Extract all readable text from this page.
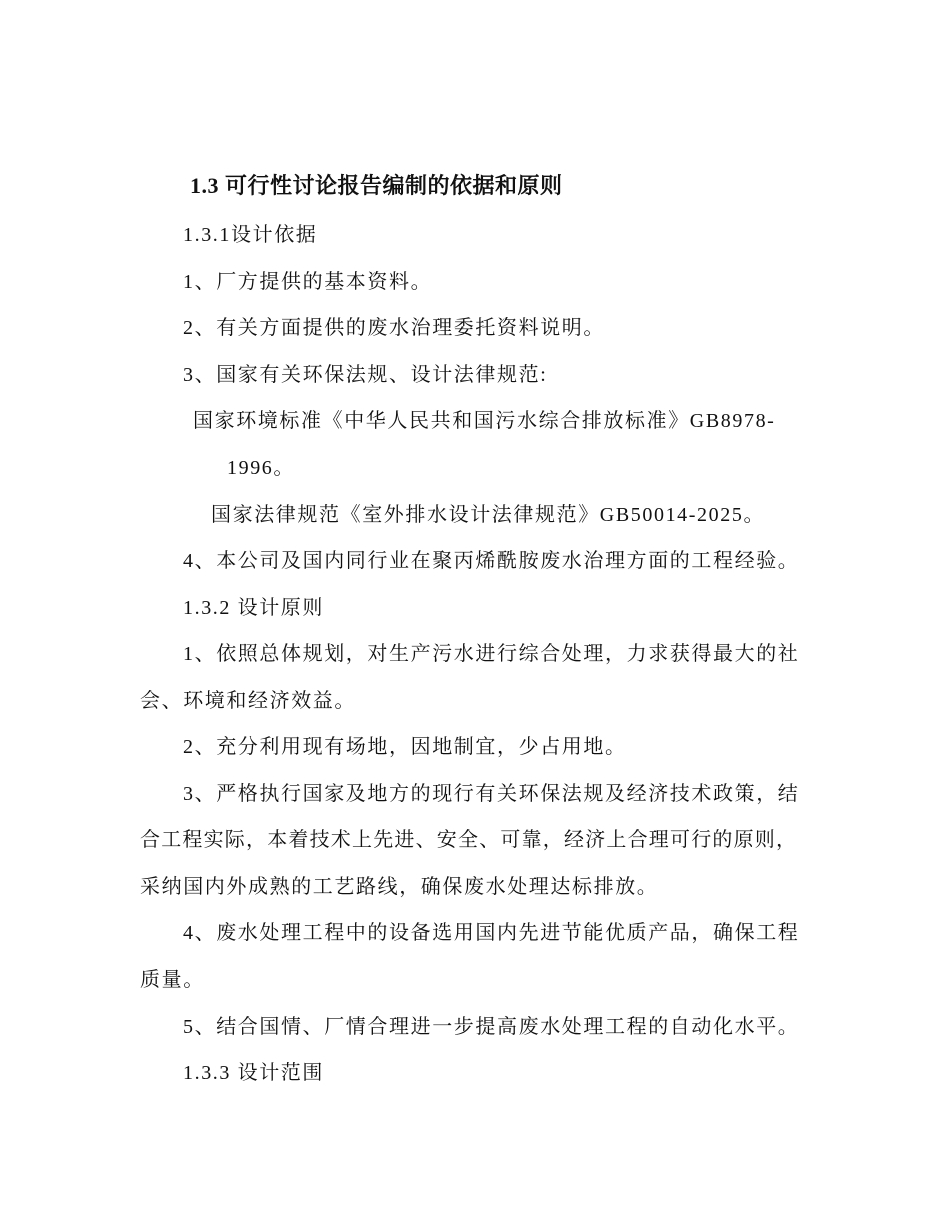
1.3 可行性讨论报告编制的依据和原则
1.3.1设计依据
1、厂方提供的基本资料。
2、有关方面提供的废水治理委托资料说明。
3、国家有关环保法规、设计法律规范:
国家环境标准《中华人民共和国污水综合排放标准》GB8978-
1996。
国家法律规范《室外排水设计法律规范》GB50014-2025。
4、本公司及国内同行业在聚丙烯酰胺废水治理方面的工程经验。
1.3.2 设计原则
1、依照总体规划，对生产污水进行综合处理，力求获得最大的社
会、环境和经济效益。
2、充分利用现有场地，因地制宜，少占用地。
3、严格执行国家及地方的现行有关环保法规及经济技术政策，结
合工程实际，本着技术上先进、安全、可靠，经济上合理可行的原则，
采纳国内外成熟的工艺路线，确保废水处理达标排放。
4、废水处理工程中的设备选用国内先进节能优质产品，确保工程
质量。
5、结合国情、厂情合理进一步提高废水处理工程的自动化水平。
1.3.3 设计范围
